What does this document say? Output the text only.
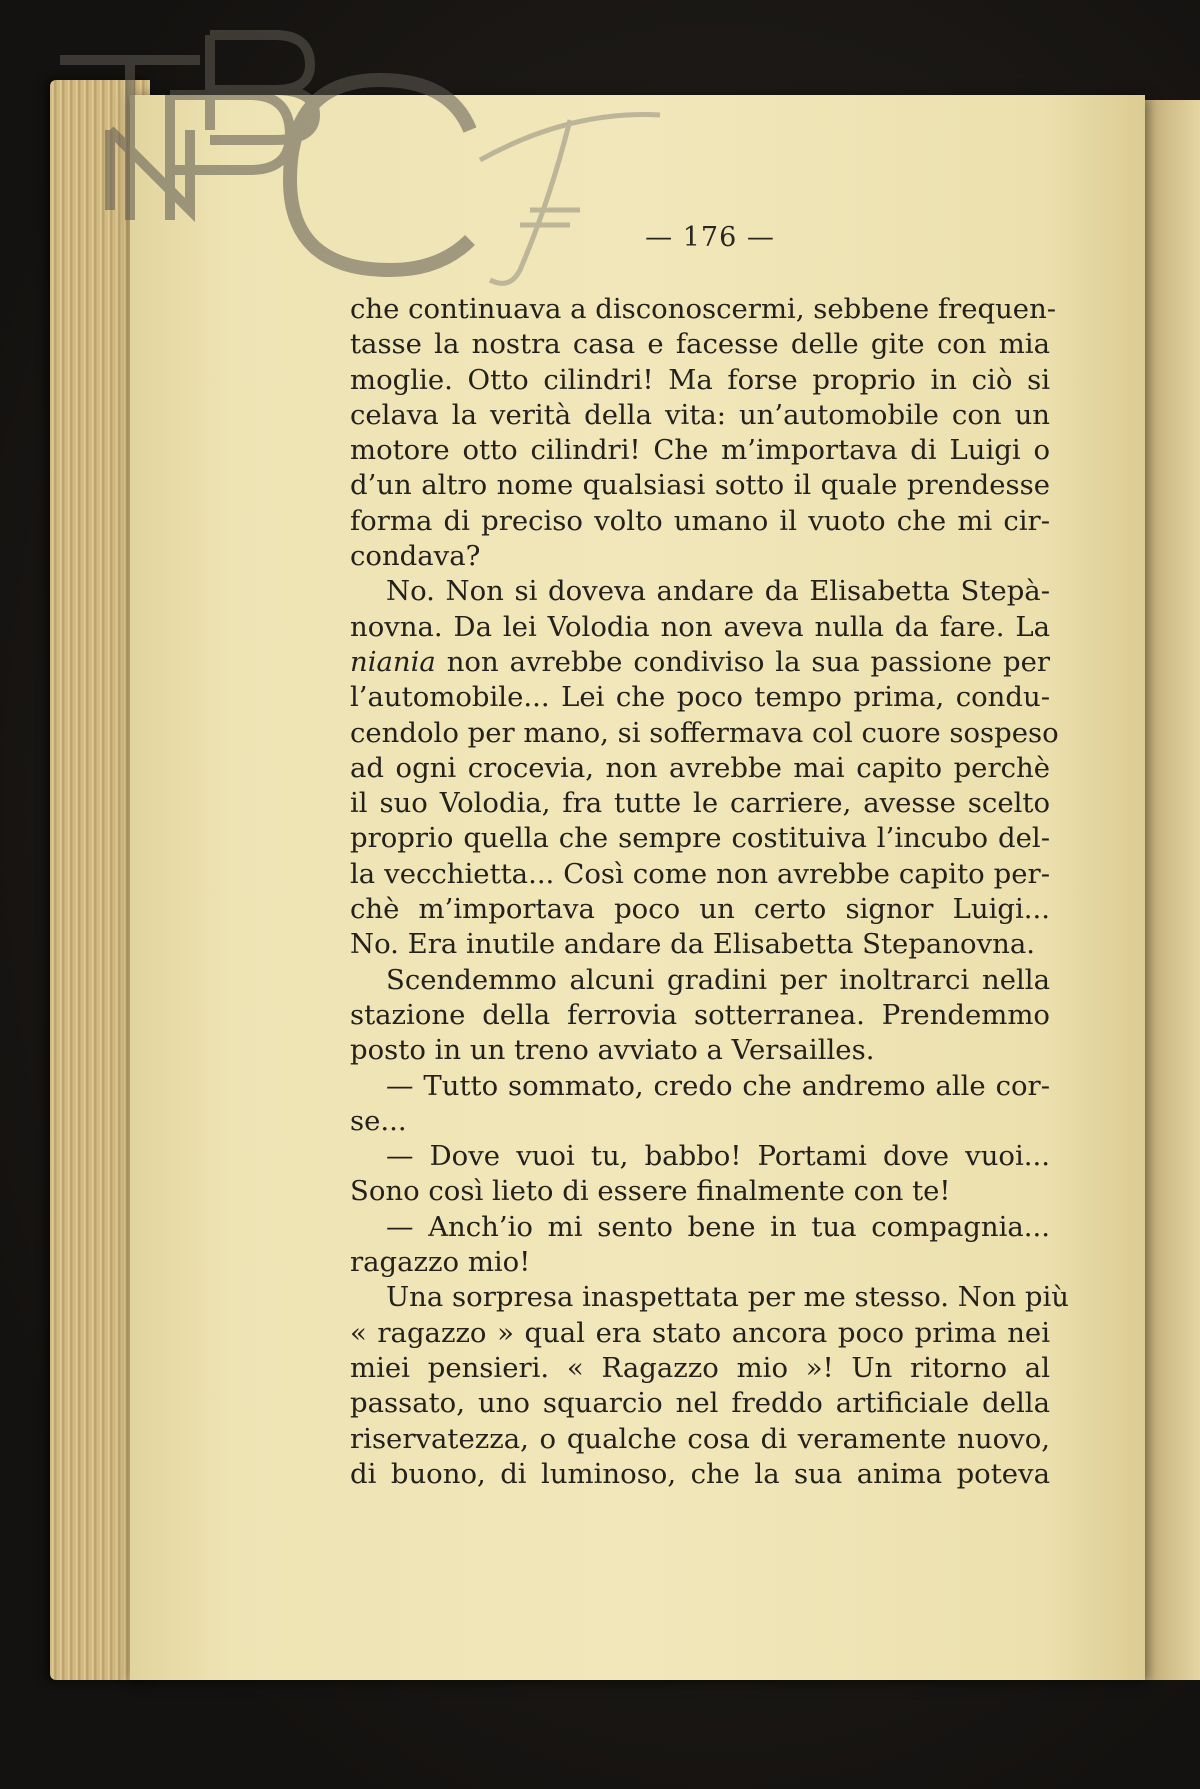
— 176 —
che continuava a disconoscermi, sebbene frequen-
tasse la nostra casa e facesse delle gite con mia
moglie. Otto cilindri! Ma forse proprio in ciò si
celava la verità della vita: un’automobile con un
motore otto cilindri! Che m’importava di Luigi o
d’un altro nome qualsiasi sotto il quale prendesse
forma di preciso volto umano il vuoto che mi cir-
condava?
No. Non si doveva andare da Elisabetta Stepà-
novna. Da lei Volodia non aveva nulla da fare. La
niania non avrebbe condiviso la sua passione per
l’automobile... Lei che poco tempo prima, condu-
cendolo per mano, si soffermava col cuore sospeso
ad ogni crocevia, non avrebbe mai capito perchè
il suo Volodia, fra tutte le carriere, avesse scelto
proprio quella che sempre costituiva l’incubo del-
la vecchietta... Così come non avrebbe capito per-
chè m’importava poco un certo signor Luigi...
No. Era inutile andare da Elisabetta Stepanovna.
Scendemmo alcuni gradini per inoltrarci nella
stazione della ferrovia sotterranea. Prendemmo
posto in un treno avviato a Versailles.
— Tutto sommato, credo che andremo alle cor-
se...
— Dove vuoi tu, babbo! Portami dove vuoi...
Sono così lieto di essere finalmente con te!
— Anch’io mi sento bene in tua compagnia...
ragazzo mio!
Una sorpresa inaspettata per me stesso. Non più
« ragazzo » qual era stato ancora poco prima nei
miei pensieri. « Ragazzo mio »! Un ritorno al
passato, uno squarcio nel freddo artificiale della
riservatezza, o qualche cosa di veramente nuovo,
di buono, di luminoso, che la sua anima poteva
